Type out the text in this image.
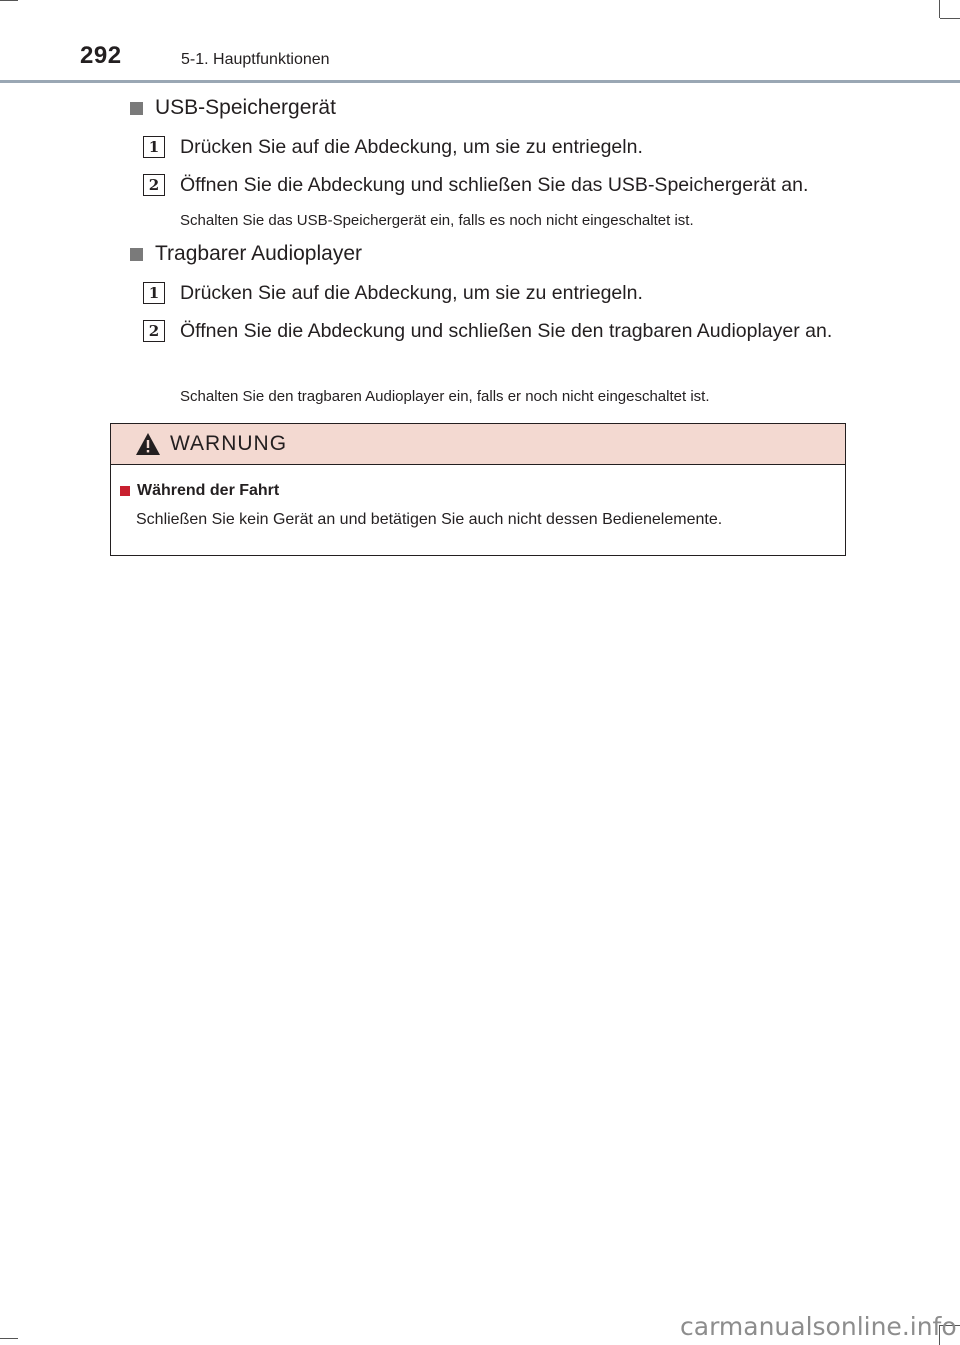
292	5-1. Hauptfunktionen
USB-Speichergerät
1 Drücken Sie auf die Abdeckung, um sie zu entriegeln.
2 Öffnen Sie die Abdeckung und schließen Sie das USB-Speichergerät an.
Schalten Sie das USB-Speichergerät ein, falls es noch nicht eingeschaltet ist.
Tragbarer Audioplayer
1 Drücken Sie auf die Abdeckung, um sie zu entriegeln.
2 Öffnen Sie die Abdeckung und schließen Sie den tragbaren Audioplayer an.
Schalten Sie den tragbaren Audioplayer ein, falls er noch nicht eingeschaltet ist.
WARNUNG
Während der Fahrt
Schließen Sie kein Gerät an und betätigen Sie auch nicht dessen Bedienelemente.
carmanualsonline.info
